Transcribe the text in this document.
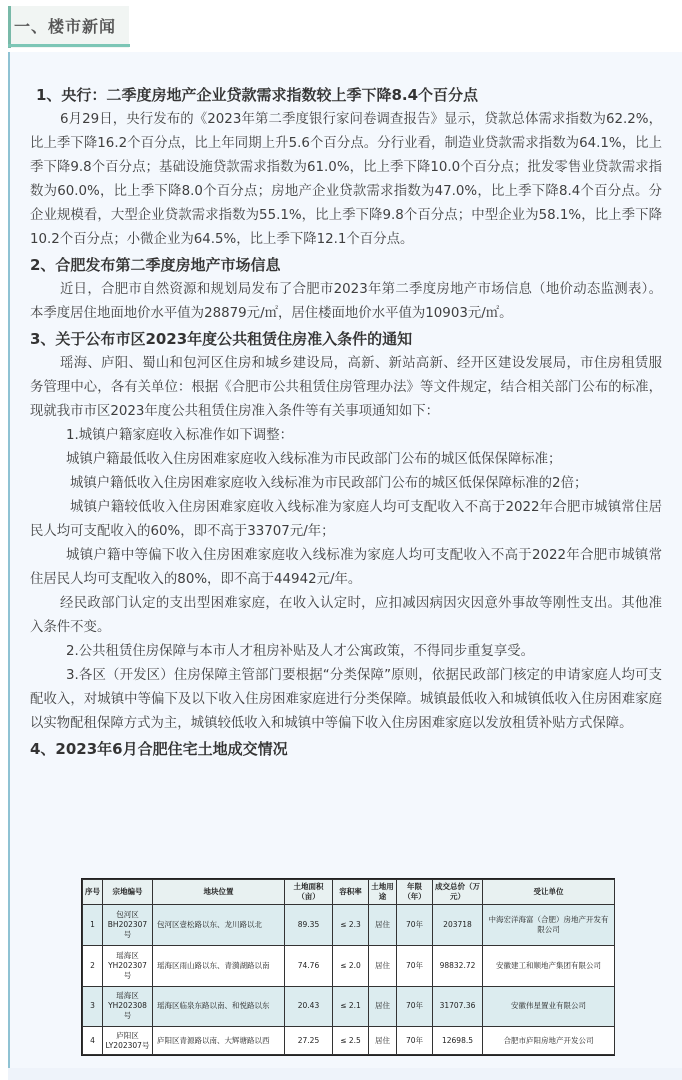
一、楼市新闻

1、央行：二季度房地产企业贷款需求指数较上季下降8.4个百分点

6月29日，央行发布的《2023年第二季度银行家问卷调查报告》显示，贷款总体需求指数为62.2%，比上季下降16.2个百分点，比上年同期上升5.6个百分点。分行业看，制造业贷款需求指数为64.1%，比上季下降9.8个百分点；基础设施贷款需求指数为61.0%，比上季下降10.0个百分点；批发零售业贷款需求指数为60.0%，比上季下降8.0个百分点；房地产企业贷款需求指数为47.0%，比上季下降8.4个百分点。分企业规模看，大型企业贷款需求指数为55.1%，比上季下降9.8个百分点；中型企业为58.1%，比上季下降10.2个百分点；小微企业为64.5%，比上季下降12.1个百分点。

2、合肥发布第二季度房地产市场信息

近日，合肥市自然资源和规划局发布了合肥市2023年第二季度房地产市场信息（地价动态监测表）。本季度居住地面地价水平值为28879元/㎡，居住楼面地价水平值为10903元/㎡。

3、关于公布市区2023年度公共租赁住房准入条件的通知

瑶海、庐阳、蜀山和包河区住房和城乡建设局，高新、新站高新、经开区建设发展局，市住房租赁服务管理中心，各有关单位：根据《合肥市公共租赁住房管理办法》等文件规定，结合相关部门公布的标准，现就我市市区2023年度公共租赁住房准入条件等有关事项通知如下：

1.城镇户籍家庭收入标准作如下调整：

城镇户籍最低收入住房困难家庭收入线标准为市民政部门公布的城区低保保障标准；

城镇户籍低收入住房困难家庭收入线标准为市民政部门公布的城区低保保障标准的2倍；

城镇户籍较低收入住房困难家庭收入线标准为家庭人均可支配收入不高于2022年合肥市城镇常住居民人均可支配收入的60%，即不高于33707元/年；

城镇户籍中等偏下收入住房困难家庭收入线标准为家庭人均可支配收入不高于2022年合肥市城镇常住居民人均可支配收入的80%，即不高于44942元/年。

经民政部门认定的支出型困难家庭，在收入认定时，应扣减因病因灾因意外事故等刚性支出。其他准入条件不变。

2.公共租赁住房保障与本市人才租房补贴及人才公寓政策，不得同步重复享受。

3.各区（开发区）住房保障主管部门要根据“分类保障”原则，依据民政部门核定的申请家庭人均可支配收入，对城镇中等偏下及以下收入住房困难家庭进行分类保障。城镇最低收入和城镇低收入住房困难家庭以实物配租保障方式为主，城镇较低收入和城镇中等偏下收入住房困难家庭以发放租赁补贴方式保障。

4、2023年6月合肥住宅土地成交情况

序号	宗地编号	地块位置	土地面积（亩）	容积率	土地用途	年限（年）	成交总价（万元）	受让单位
1	包河区BH202307号	包河区壹松路以东、龙川路以北	89.35	≤ 2.3	居住	70年	203718	中海宏洋海富（合肥）房地产开发有限公司
2	瑶海区YH202307号	瑶海区雨山路以东、青漪湖路以南	74.76	≤ 2.0	居住	70年	98832.72	安徽建工和顺地产集团有限公司
3	瑶海区YH202308号	瑶海区临泉东路以南、和悦路以东	20.43	≤ 2.1	居住	70年	31707.36	安徽伟星置业有限公司
4	庐阳区LY202307号	庐阳区青源路以南、大辉塘路以西	27.25	≤ 2.5	居住	70年	12698.5	合肥市庐阳房地产开发公司
